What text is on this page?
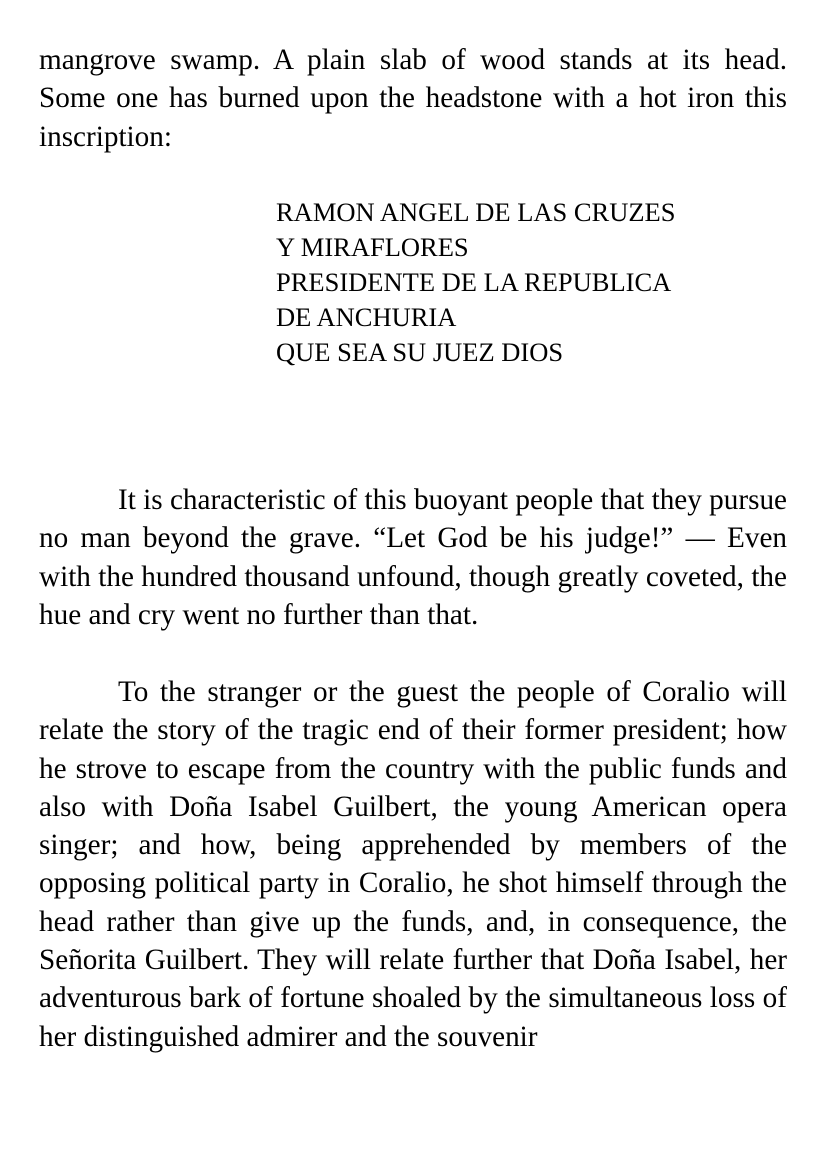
mangrove swamp. A plain slab of wood stands at its head. Some one has burned upon the headstone with a hot iron this inscription:

RAMON ANGEL DE LAS CRUZES

Y MIRAFLORES

PRESIDENTE DE LA REPUBLICA

DE ANCHURIA

QUE SEA SU JUEZ DIOS

It is characteristic of this buoyant people that they pursue no man beyond the grave. “Let God be his judge!” — Even with the hundred thousand unfound, though greatly coveted, the hue and cry went no further than that.

To the stranger or the guest the people of Coralio will relate the story of the tragic end of their former president; how he strove to escape from the country with the public funds and also with Doña Isabel Guilbert, the young American opera singer; and how, being apprehended by members of the opposing political party in Coralio, he shot himself through the head rather than give up the funds, and, in consequence, the Señorita Guilbert. They will relate further that Doña Isabel, her adventurous bark of fortune shoaled by the simultaneous loss of her distinguished admirer and the souvenir
